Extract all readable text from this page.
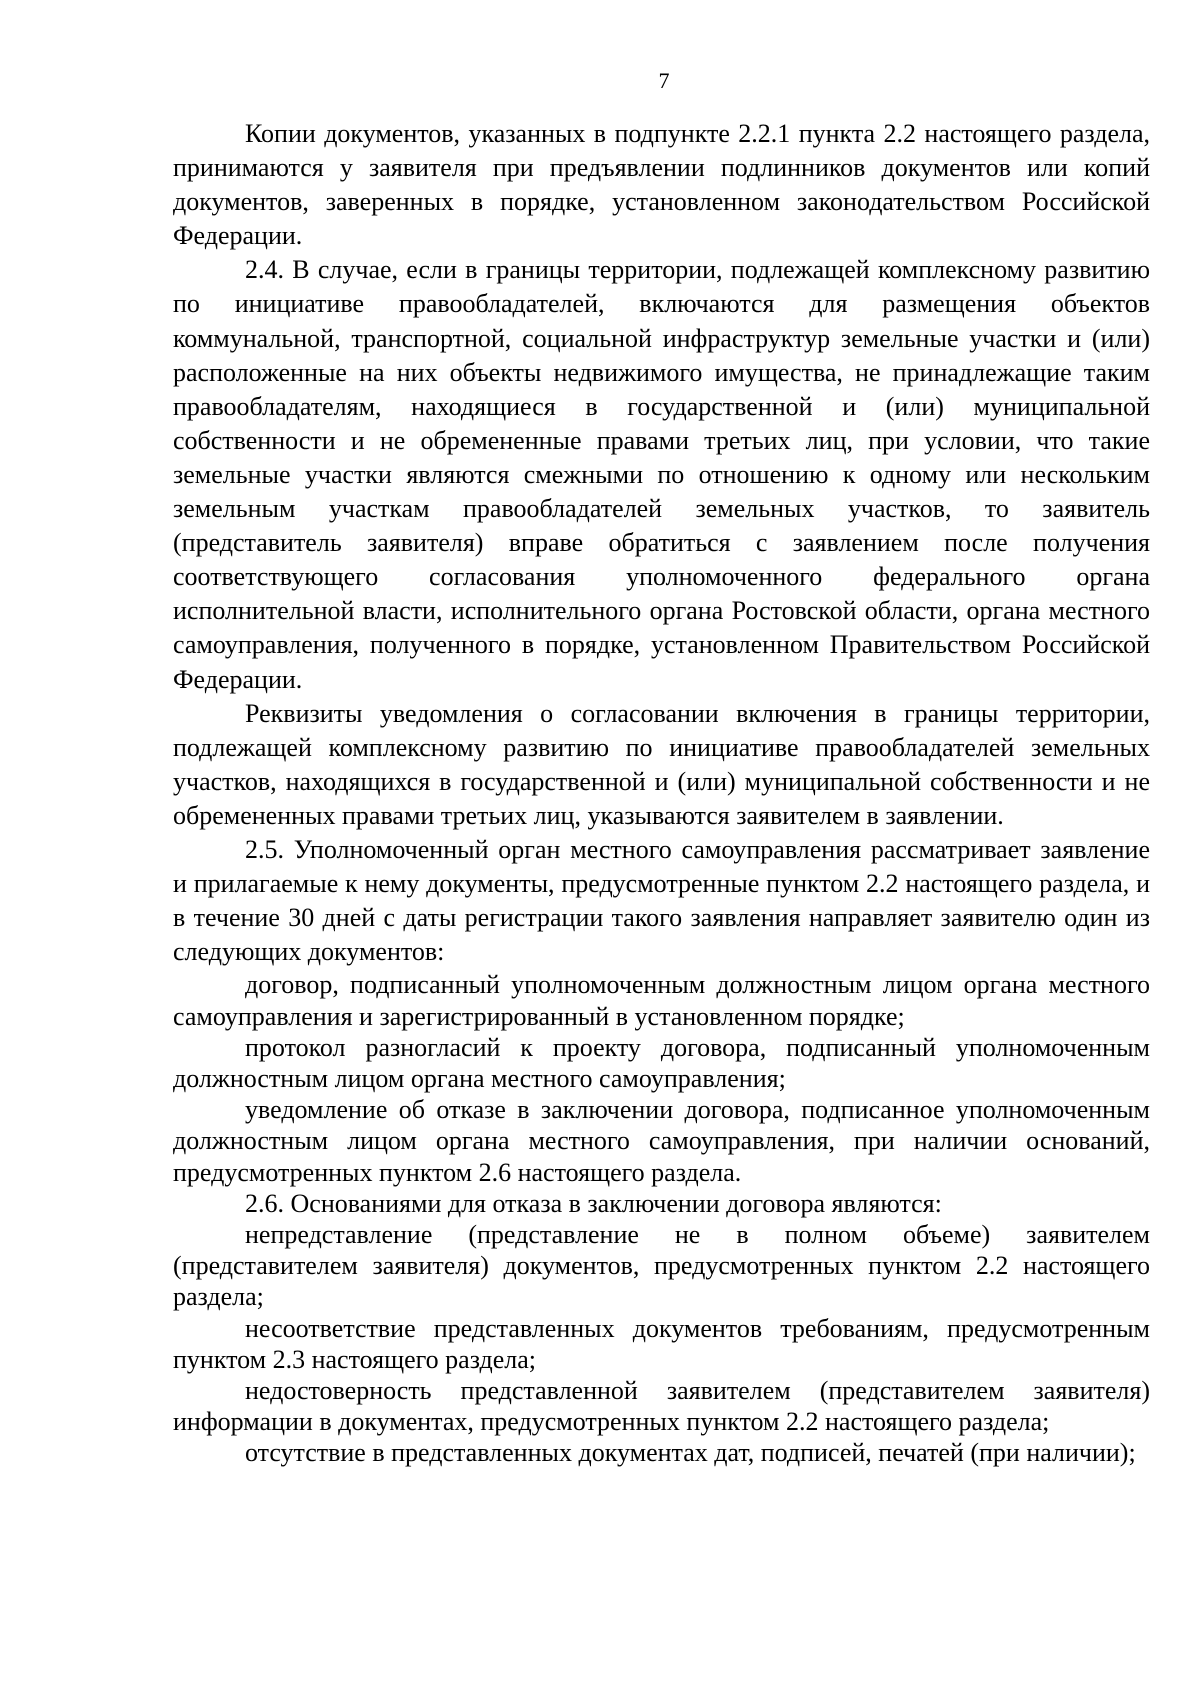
7

Копии документов, указанных в подпункте 2.2.1 пункта 2.2 настоящего раздела, принимаются у заявителя при предъявлении подлинников документов или копий документов, заверенных в порядке, установленном законодательством Российской Федерации.

2.4. В случае, если в границы территории, подлежащей комплексному развитию по инициативе правообладателей, включаются для размещения объектов коммунальной, транспортной, социальной инфраструктур земельные участки и (или) расположенные на них объекты недвижимого имущества, не принадлежащие таким правообладателям, находящиеся в государственной и (или) муниципальной собственности и не обремененные правами третьих лиц, при условии, что такие земельные участки являются смежными по отношению к одному или нескольким земельным участкам правообладателей земельных участков, то заявитель (представитель заявителя) вправе обратиться с заявлением после получения соответствующего согласования уполномоченного федерального органа исполнительной власти, исполнительного органа Ростовской области, органа местного самоуправления, полученного в порядке, установленном Правительством Российской Федерации.

Реквизиты уведомления о согласовании включения в границы территории, подлежащей комплексному развитию по инициативе правообладателей земельных участков, находящихся в государственной и (или) муниципальной собственности и не обремененных правами третьих лиц, указываются заявителем в заявлении.

2.5. Уполномоченный орган местного самоуправления рассматривает заявление и прилагаемые к нему документы, предусмотренные пунктом 2.2 настоящего раздела, и в течение 30 дней с даты регистрации такого заявления направляет заявителю один из следующих документов:

договор, подписанный уполномоченным должностным лицом органа местного самоуправления и зарегистрированный в установленном порядке;

протокол разногласий к проекту договора, подписанный уполномоченным должностным лицом органа местного самоуправления;

уведомление об отказе в заключении договора, подписанное уполномоченным должностным лицом органа местного самоуправления, при наличии оснований, предусмотренных пунктом 2.6 настоящего раздела.

2.6. Основаниями для отказа в заключении договора являются:

непредставление (представление не в полном объеме) заявителем (представителем заявителя) документов, предусмотренных пунктом 2.2 настоящего раздела;

несоответствие представленных документов требованиям, предусмотренным пунктом 2.3 настоящего раздела;

недостоверность представленной заявителем (представителем заявителя) информации в документах, предусмотренных пунктом 2.2 настоящего раздела;

отсутствие в представленных документах дат, подписей, печатей (при наличии);
